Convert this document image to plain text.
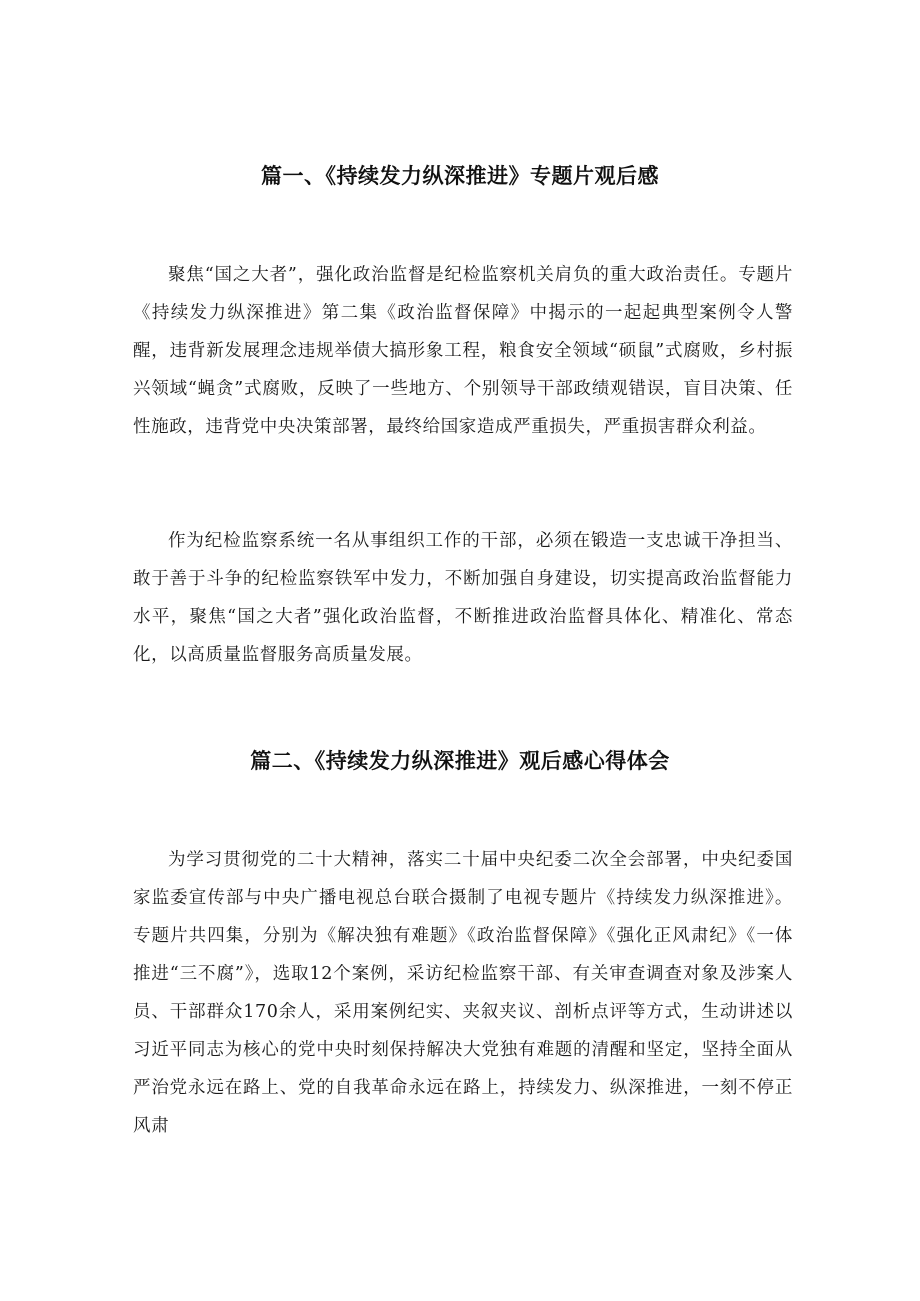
篇一、《持续发力纵深推进》专题片观后感

聚焦“国之大者”，强化政治监督是纪检监察机关肩负的重大政治责任。专题片《持续发力纵深推进》第二集《政治监督保障》中揭示的一起起典型案例令人警醒，违背新发展理念违规举债大搞形象工程，粮食安全领域“硕鼠”式腐败，乡村振兴领域“蝇贪”式腐败，反映了一些地方、个别领导干部政绩观错误，盲目决策、任性施政，违背党中央决策部署，最终给国家造成严重损失，严重损害群众利益。

作为纪检监察系统一名从事组织工作的干部，必须在锻造一支忠诚干净担当、敢于善于斗争的纪检监察铁军中发力，不断加强自身建设，切实提高政治监督能力水平，聚焦“国之大者”强化政治监督，不断推进政治监督具体化、精准化、常态化，以高质量监督服务高质量发展。

篇二、《持续发力纵深推进》观后感心得体会

为学习贯彻党的二十大精神，落实二十届中央纪委二次全会部署，中央纪委国家监委宣传部与中央广播电视总台联合摄制了电视专题片《持续发力纵深推进》。专题片共四集，分别为《解决独有难题》《政治监督保障》《强化正风肃纪》《一体推进“三不腐”》，选取12个案例，采访纪检监察干部、有关审查调查对象及涉案人员、干部群众170余人，采用案例纪实、夹叙夹议、剖析点评等方式，生动讲述以习近平同志为核心的党中央时刻保持解决大党独有难题的清醒和坚定，坚持全面从严治党永远在路上、党的自我革命永远在路上，持续发力、纵深推进，一刻不停正风肃
